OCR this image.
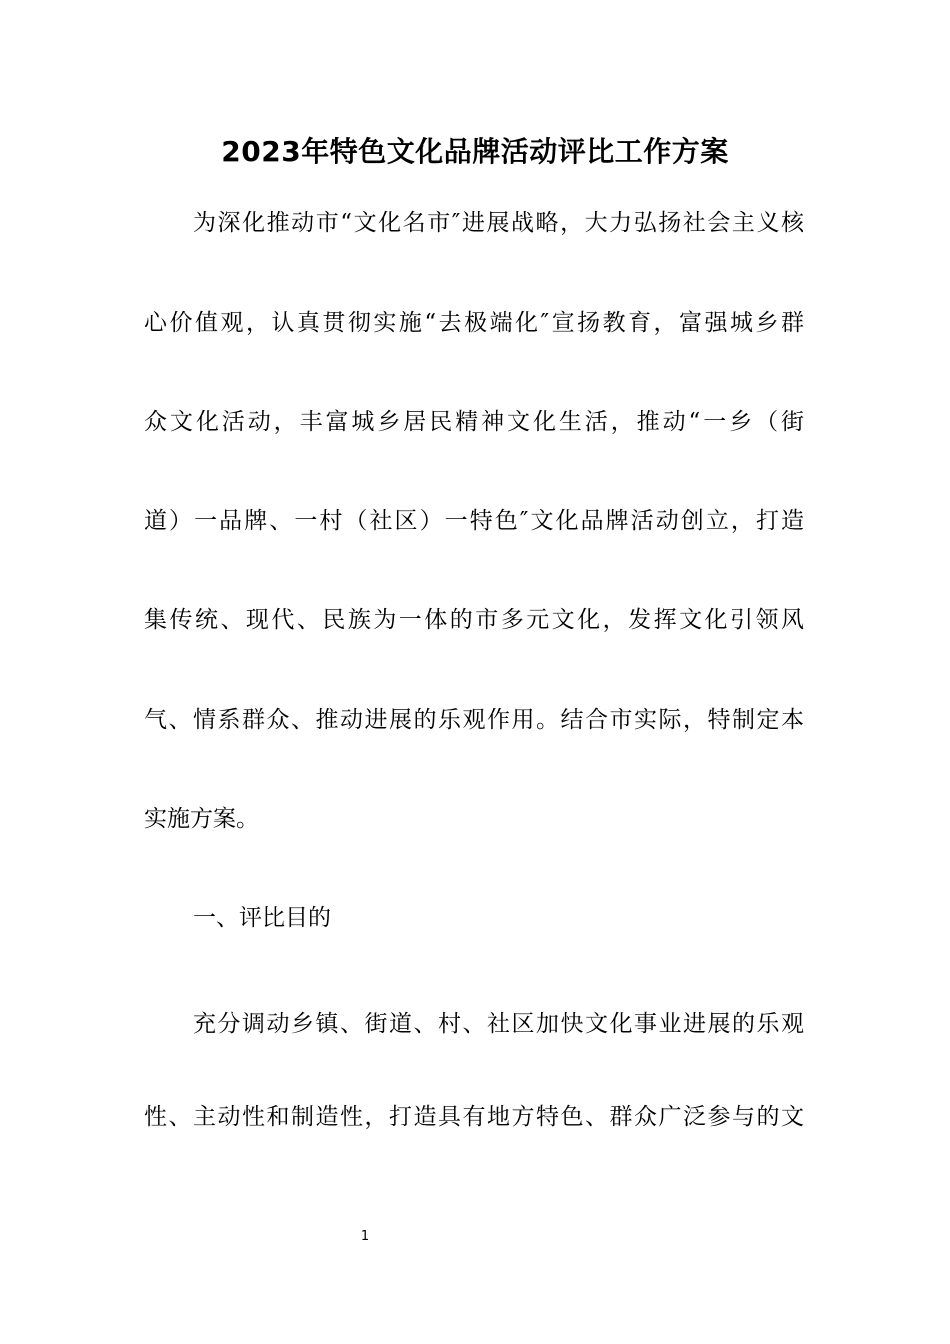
2023年特色文化品牌活动评比工作方案
为深化推动市“文化名市″进展战略，大力弘扬社会主义核
心价值观，认真贯彻实施“去极端化″宣扬教育，富强城乡群
众文化活动，丰富城乡居民精神文化生活，推动“一乡（街
道）一品牌、一村（社区）一特色″文化品牌活动创立，打造
集传统、现代、民族为一体的市多元文化，发挥文化引领风
气、情系群众、推动进展的乐观作用。结合市实际，特制定本
实施方案。
一、评比目的
充分调动乡镇、街道、村、社区加快文化事业进展的乐观
性、主动性和制造性，打造具有地方特色、群众广泛参与的文
1
